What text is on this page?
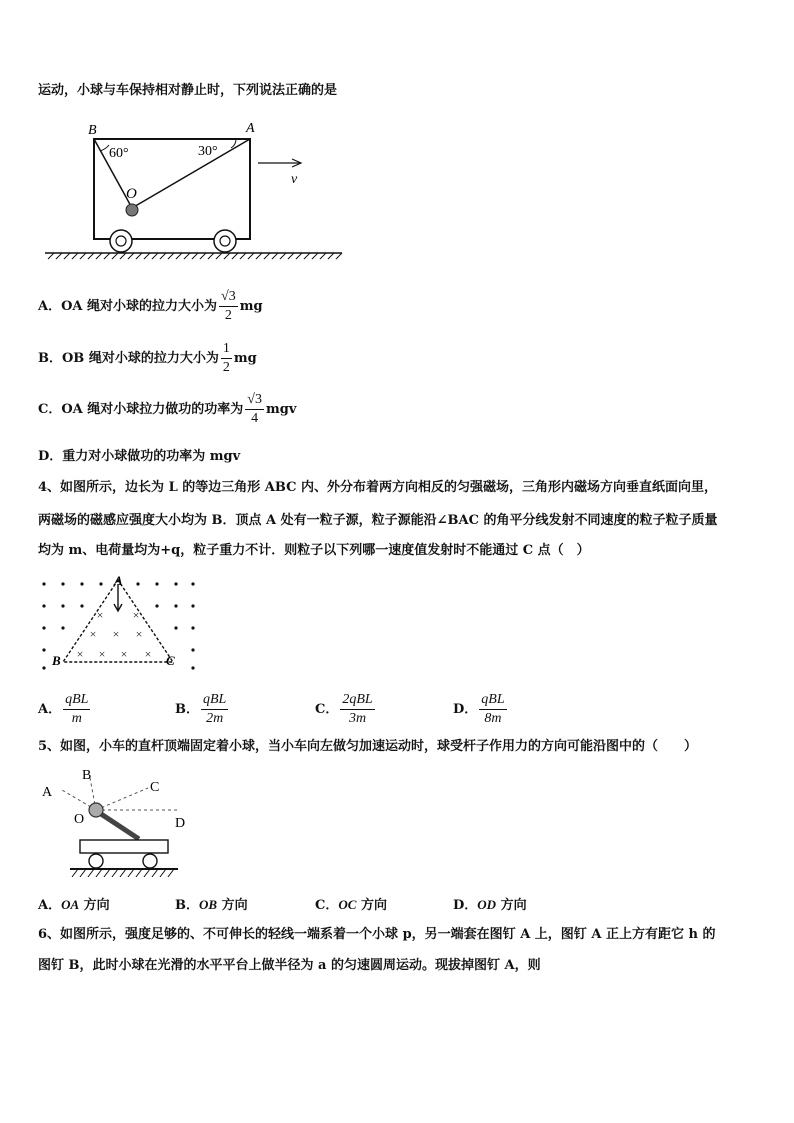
运动，小球与车保持相对静止时，下列说法正确的是
B	A
O
60°	30°
v
A．OA 绳对小球的拉力大小为 $\frac{√3}{2}$ mg
B．OB 绳对小球的拉力大小为 $\frac{1}{2}$ mg
C．OA 绳对小球拉力做功的功率为 $\frac{√3}{4}$ mgv
D．重力对小球做功的功率为 mgv
4、如图所示，边长为 L 的等边三角形 ABC 内、外分布着两方向相反的匀强磁场，三角形内磁场方向垂直纸面向里，
两磁场的磁感应强度大小均为 B．顶点 A 处有一粒子源，粒子源能沿∠BAC 的角平分线发射不同速度的粒子粒子质量
均为 m、电荷量均为+q，粒子重力不计．则粒子以下列哪一速度值发射时不能通过 C 点（　）
× ×
× × ×
× × × ×
A
B	C
A． $\frac{\text{qBL}}{m}$	B． $\frac{\text{qBL}}{2m}$	C． $\frac{\text{2qBL}}{3m}$	D． $\frac{\text{qBL}}{8m}$
5、如图，小车的直杆顶端固定着小球，当小车向左做匀加速运动时，球受杆子作用力的方向可能沿图中的（　　）
A
B
C
D
O
A．OA 方向	B．OB 方向	C．OC 方向	D．OD 方向
6、如图所示，强度足够的、不可伸长的轻线一端系着一个小球 p，另一端套在图钉 A 上，图钉 A 正上方有距它 h 的
图钉 B，此时小球在光滑的水平平台上做半径为 a 的匀速圆周运动。现拔掉图钉 A，则
